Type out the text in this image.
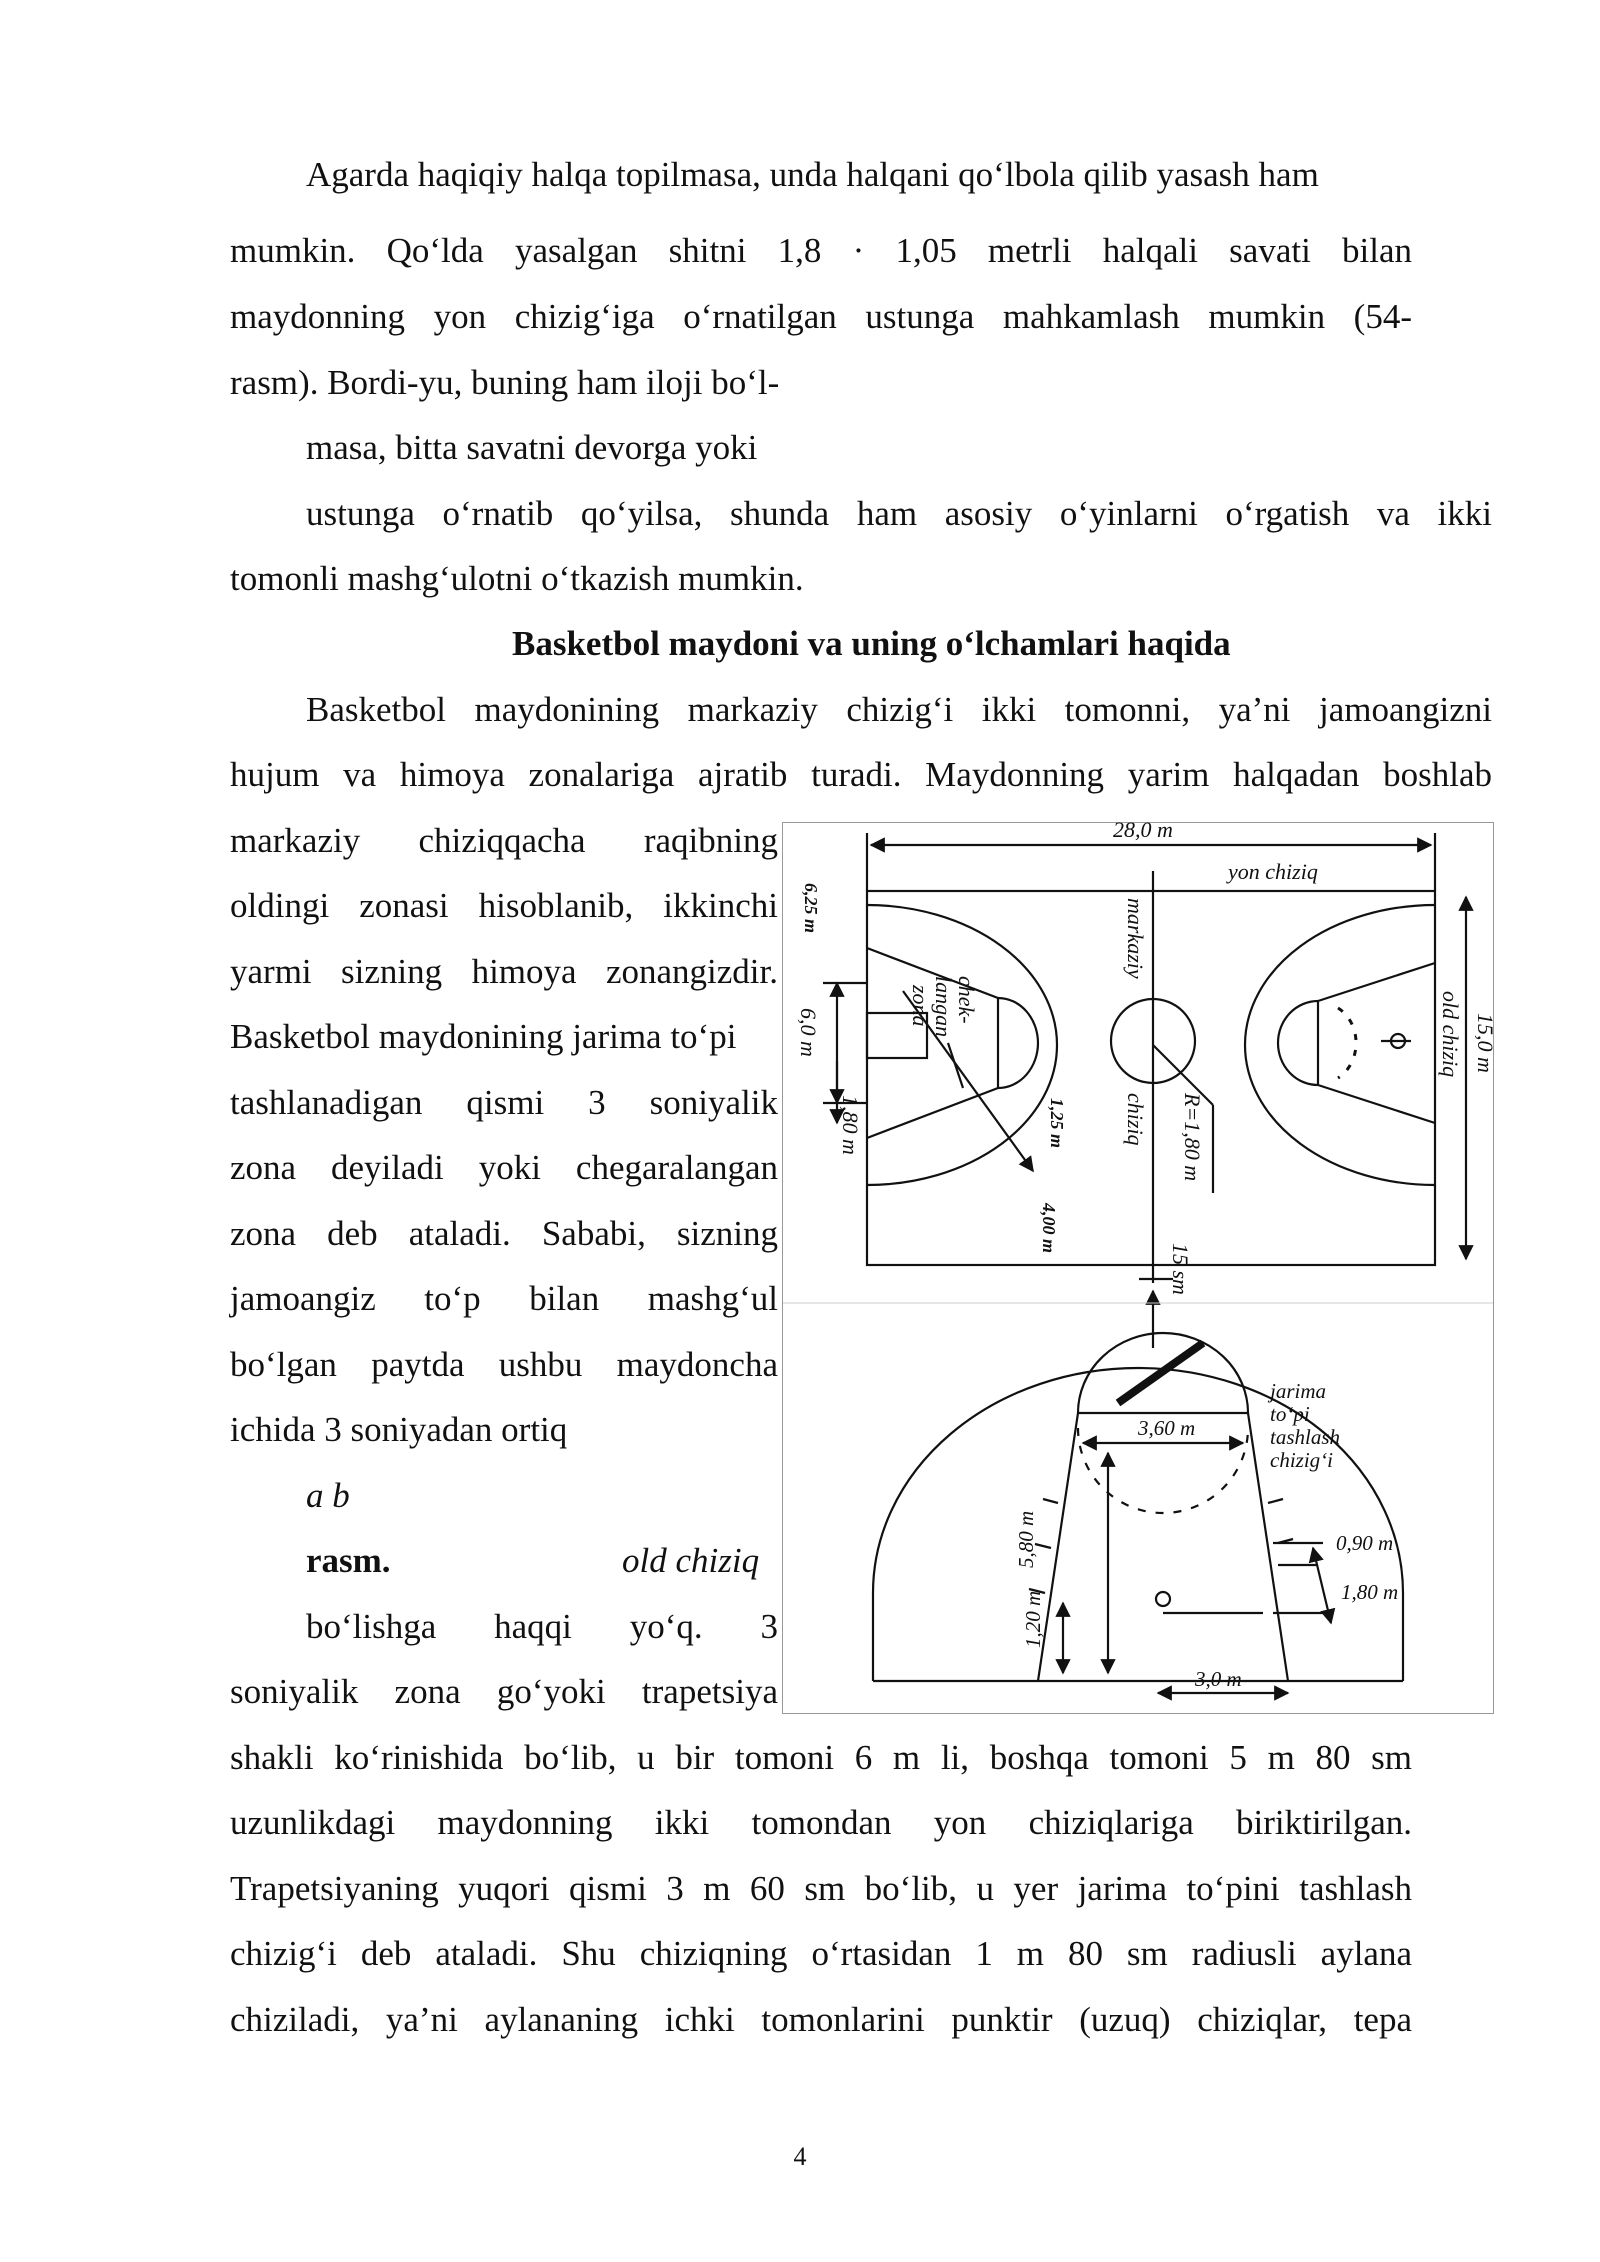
Agarda haqiqiy halqa topilmasa, unda halqani qo‘lbola qilib yasash ham
mumkin. Qo‘lda yasalgan shitni 1,8 · 1,05 metrli halqali savati bilan
maydonning yon chizig‘iga o‘rnatilgan ustunga mahkamlash mumkin (54-
rasm). Bordi-yu, buning ham iloji bo‘l-
masa, bitta savatni devorga yoki
ustunga o‘rnatib qo‘yilsa, shunda ham asosiy o‘yinlarni o‘rgatish va ikki
tomonli mashg‘ulotni o‘tkazish mumkin.
Basketbol maydoni va uning o‘lchamlari haqida
Basketbol maydonining markaziy chizig‘i ikki tomonni, ya’ni jamoangizni
hujum va himoya zonalariga ajratib turadi. Maydonning yarim halqadan boshlab
markaziy chiziqqacha raqibning
oldingi zonasi hisoblanib, ikkinchi
yarmi sizning himoya zonangizdir.
Basketbol maydonining jarima to‘pi
tashlanadigan qismi 3 soniyalik
zona deyiladi yoki chegaralangan
zona deb ataladi. Sababi, sizning
jamoangiz to‘p bilan mashg‘ul
bo‘lgan paytda ushbu maydoncha
ichida 3 soniyadan ortiq
a b
rasm.	old chiziq
bo‘lishga haqqi yo‘q. 3
soniyalik zona go‘yoki trapetsiya
shakli ko‘rinishida bo‘lib, u bir tomoni 6 m li, boshqa tomoni 5 m 80 sm
uzunlikdagi maydonning ikki tomondan yon chiziqlariga biriktirilgan.
Trapetsiyaning yuqori qismi 3 m 60 sm bo‘lib, u yer jarima to‘pini tashlash
chizig‘i deb ataladi. Shu chiziqning o‘rtasidan 1 m 80 sm radiusli aylana
chiziladi, ya’ni aylananing ichki tomonlarini punktir (uzuq) chiziqlar, tepa
28,0 m
yon chiziq
markaziy
chiziq R=1,80 m
old chiziq 15,0 m
6,0 m
1,80 m
15 sm
chek-
langan
zona
6,25 m
1,25 m
4,00 m
jarima
to‘pi
tashlash
chizig‘i
3,60 m
5,80 m
1,20 m
0,90 m
1,80 m
3,0 m
4
